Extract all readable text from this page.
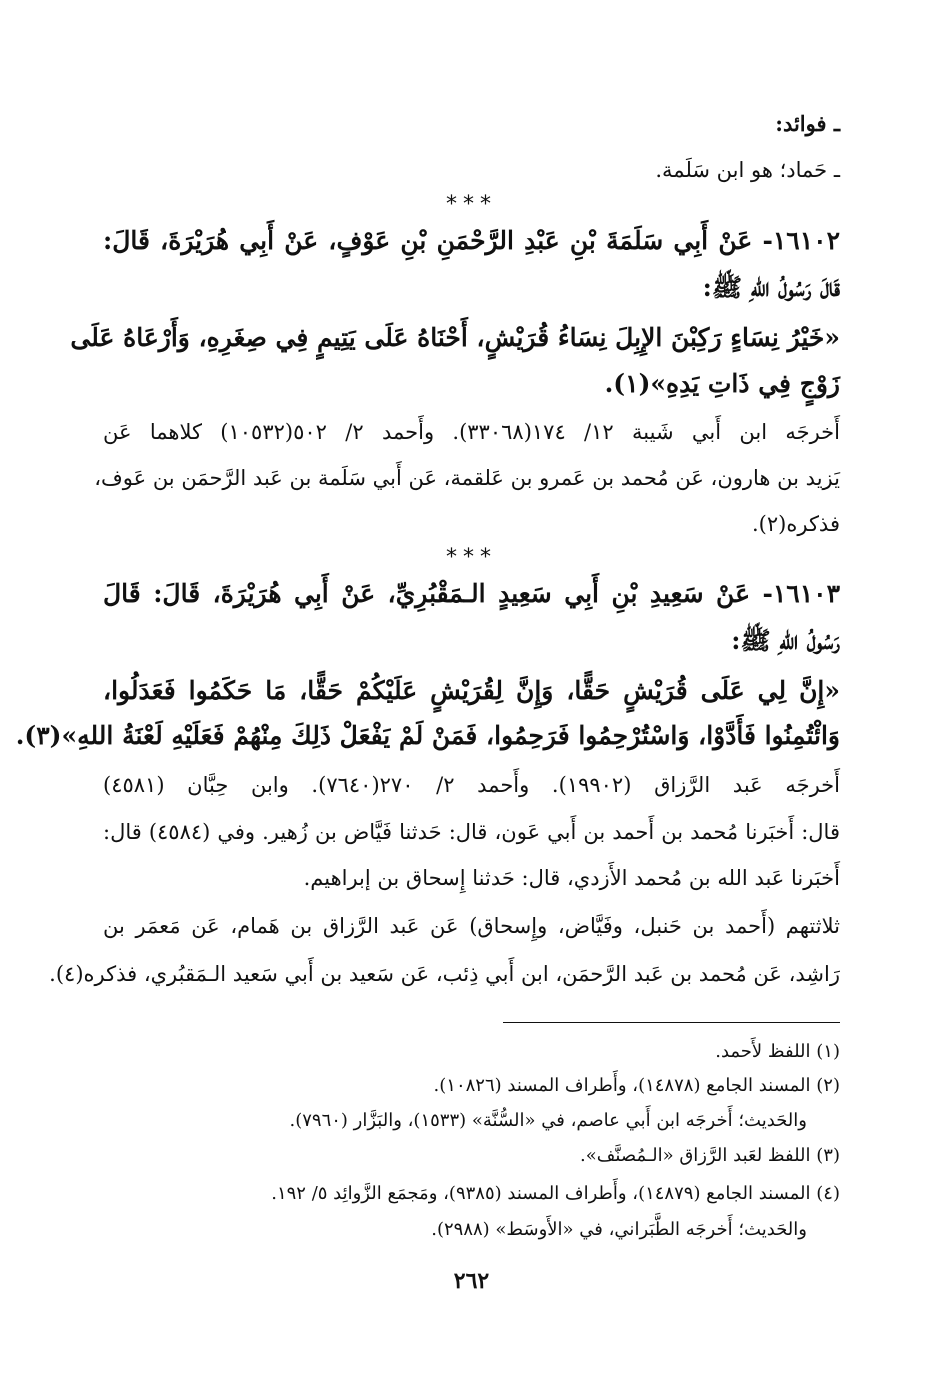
ـ فوائد:
ـ حَماد؛ هو ابن سَلَمة.
***
١٦١٠٢- عَنْ أَبِي سَلَمَةَ بْنِ عَبْدِ الرَّحْمَنِ بْنِ عَوْفٍ، عَنْ أَبِي هُرَيْرَةَ، قَالَ:
قَالَ رَسُولُ اللهِ ﷺ:
«خَيْرُ نِسَاءٍ رَكِبْنَ الإِبِلَ نِسَاءُ قُرَيْشٍ، أَحْنَاهُ عَلَى يَتِيمٍ فِي صِغَرِهِ، وَأَرْعَاهُ عَلَى
زَوْجٍ فِي ذَاتِ يَدِهِ»(١).
أَخرجَه ابن أَبي شَيبة ١٢/ ١٧٤(٣٣٠٦٨). وأَحمد ٢/ ٥٠٢(١٠٥٣٢) كلاهما عَن
يَزيد بن هارون، عَن مُحمد بن عَمرو بن عَلقمة، عَن أَبي سَلَمة بن عَبد الرَّحمَن بن عَوف،
فذكره(٢).
***
١٦١٠٣- عَنْ سَعِيدِ بْنِ أَبِي سَعِيدٍ الـمَقْبُرِيِّ، عَنْ أَبِي هُرَيْرَةَ، قَالَ: قَالَ
رَسُولُ اللهِ ﷺ:
«إِنَّ لِي عَلَى قُرَيْشٍ حَقًّا، وَإِنَّ لِقُرَيْشٍ عَلَيْكُمْ حَقًّا، مَا حَكَمُوا فَعَدَلُوا،
وَائْتُمِنُوا فَأَدَّوْا، وَاسْتُرْحِمُوا فَرَحِمُوا، فَمَنْ لَمْ يَفْعَلْ ذَلِكَ مِنْهُمْ فَعَلَيْهِ لَعْنَةُ اللهِ»(٣).
أَخرجَه عَبد الرَّزاق (١٩٩٠٢). وأَحمد ٢/ ٢٧٠(٧٦٤٠). وابن حِبَّان (٤٥٨١)
قال: أَخبَرنا مُحمد بن أَحمد بن أَبي عَون، قال: حَدثنا فَيَّاض بن زُهير. وفي (٤٥٨٤) قال:
أَخبَرنا عَبد الله بن مُحمد الأَزدي، قال: حَدثنا إِسحاق بن إبراهيم.
ثلاثتهم (أَحمد بن حَنبل، وفَيَّاض، وإِسحاق) عَن عَبد الرَّزاق بن هَمام، عَن مَعمَر بن
رَاشِد، عَن مُحمد بن عَبد الرَّحمَن، ابن أَبي ذِئب، عَن سَعيد بن أَبي سَعيد الـمَقبُري، فذكره(٤).
(١) اللفظ لأَحمد.
(٢) المسند الجامع (١٤٨٧٨)، وأَطراف المسند (١٠٨٢٦).
والحَديث؛ أَخرجَه ابن أَبي عاصم، في «السُّنَّة» (١٥٣٣)، والبَزَّار (٧٩٦٠).
(٣) اللفظ لعَبد الرَّزاق «الـمُصنَّف».
(٤) المسند الجامع (١٤٨٧٩)، وأَطراف المسند (٩٣٨٥)، ومَجمَع الزَّوائِد ٥/ ١٩٢.
والحَديث؛ أَخرجَه الطَّبَراني، في «الأَوسَط» (٢٩٨٨).
٢٦٢
